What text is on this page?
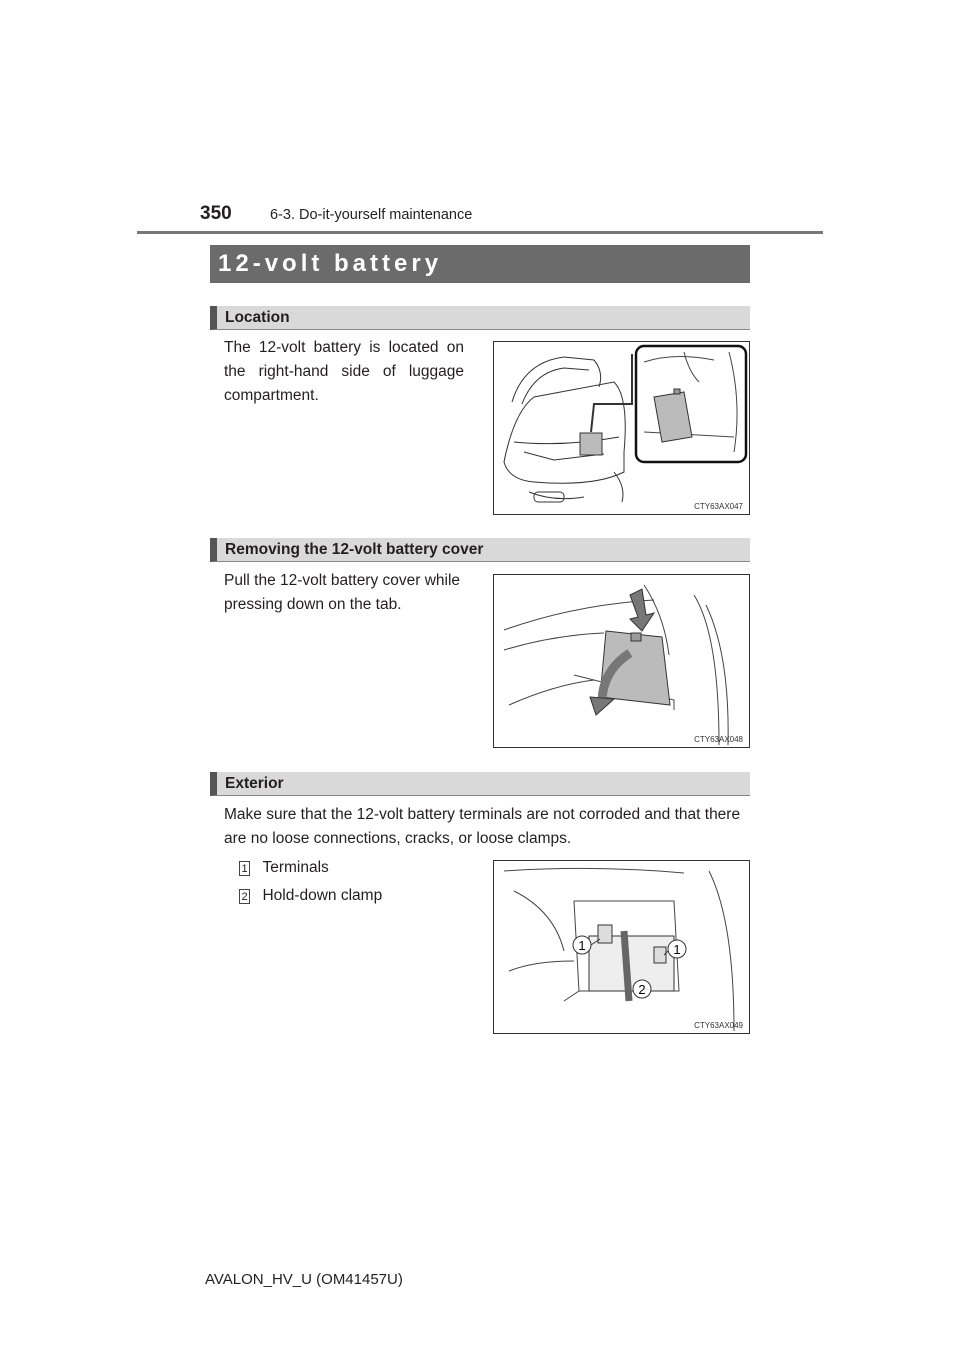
350	6-3. Do-it-yourself maintenance
12-volt battery
Location
The 12-volt battery is located on the right-hand side of luggage compartment.
CTY63AX047
Removing the 12-volt battery cover
Pull the 12-volt battery cover while pressing down on the tab.
CTY63AX048
Exterior
Make sure that the 12-volt battery terminals are not corroded and that there are no loose connections, cracks, or loose clamps.
1 Terminals
2 Hold-down clamp
1	1
2
CTY63AX049
AVALON_HV_U (OM41457U)
